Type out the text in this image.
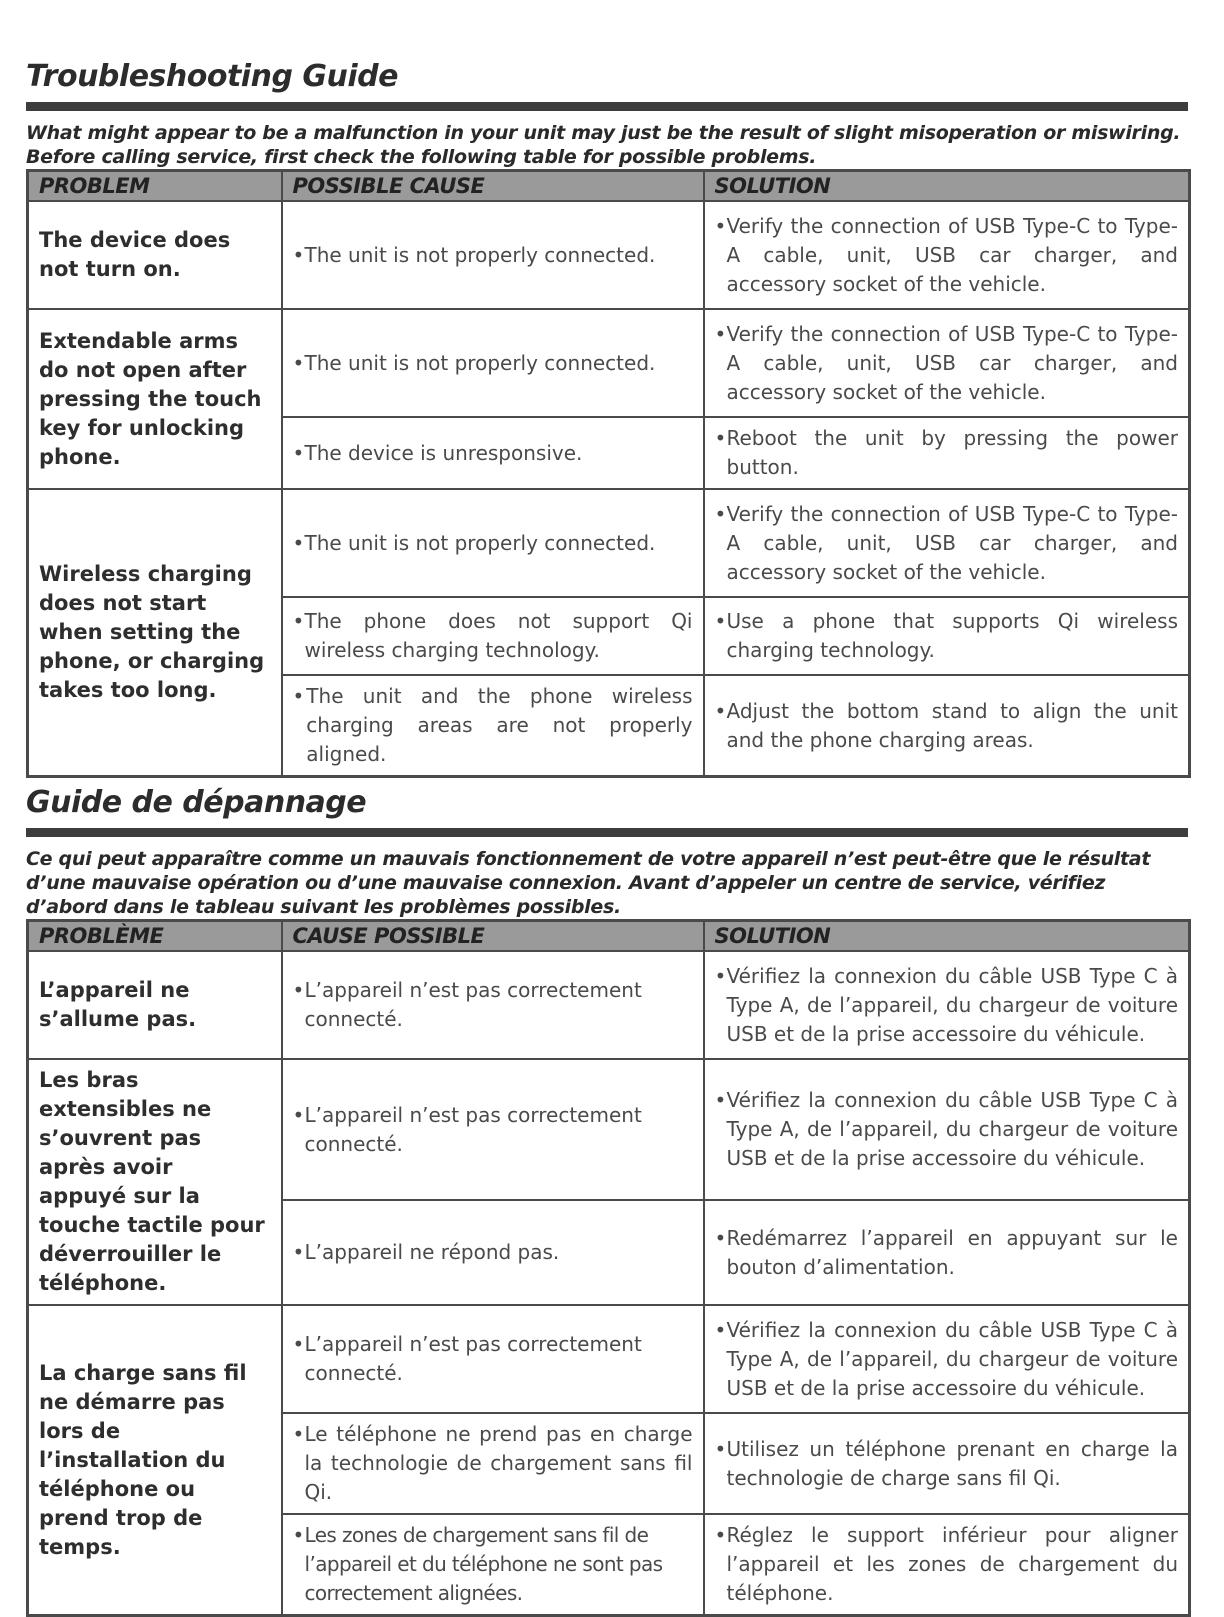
Troubleshooting Guide
What might appear to be a malfunction in your unit may just be the result of slight misoperation or miswiring.
Before calling service, first check the following table for possible problems.
PROBLEM	POSSIBLE CAUSE	SOLUTION
The device does not turn on.	• The unit is not properly connected.	• Verify the connection of USB Type-C to Type-A cable, unit, USB car charger, and accessory socket of the vehicle.

Extendable arms do not open after pressing the touch key for unlocking phone.	• The unit is not properly connected.	• Verify the connection of USB Type-C to Type-A cable, unit, USB car charger, and accessory socket of the vehicle.

	• The device is unresponsive.	• Reboot the unit by pressing the power button.

Wireless charging does not start when setting the phone, or charging takes too long.	• The unit is not properly connected.	• Verify the connection of USB Type-C to Type-A cable, unit, USB car charger, and accessory socket of the vehicle.

	• The phone does not support Qi wireless charging technology.	• Use a phone that supports Qi wireless charging technology.

	• The unit and the phone wireless charging areas are not properly aligned.	• Adjust the bottom stand to align the unit and the phone charging areas.
Guide de dépannage
Ce qui peut apparaître comme un mauvais fonctionnement de votre appareil n’est peut-être que le résultat d’une mauvaise opération ou d’une mauvaise connexion. Avant d’appeler un centre de service, vérifiez d’abord dans le tableau suivant les problèmes possibles.
PROBLÈME	CAUSE POSSIBLE	SOLUTION
L’appareil ne s’allume pas.	• L’appareil n’est pas correctement connecté.	• Vérifiez la connexion du câble USB Type C à Type A, de l’appareil, du chargeur de voiture USB et de la prise accessoire du véhicule.

Les bras extensibles ne s’ouvrent pas après avoir appuyé sur la touche tactile pour déverrouiller le téléphone.	• L’appareil n’est pas correctement connecté.	• Vérifiez la connexion du câble USB Type C à Type A, de l’appareil, du chargeur de voiture USB et de la prise accessoire du véhicule.

	• L’appareil ne répond pas.	• Redémarrez l’appareil en appuyant sur le bouton d’alimentation.

La charge sans fil ne démarre pas lors de l’installation du téléphone ou prend trop de temps.	• L’appareil n’est pas correctement connecté.	• Vérifiez la connexion du câble USB Type C à Type A, de l’appareil, du chargeur de voiture USB et de la prise accessoire du véhicule.

	• Le téléphone ne prend pas en charge la technologie de chargement sans fil Qi.	• Utilisez un téléphone prenant en charge la technologie de charge sans fil Qi.

	• Les zones de chargement sans fil de l’appareil et du téléphone ne sont pas correctement alignées.	• Réglez le support inférieur pour aligner l’appareil et les zones de chargement du téléphone.
